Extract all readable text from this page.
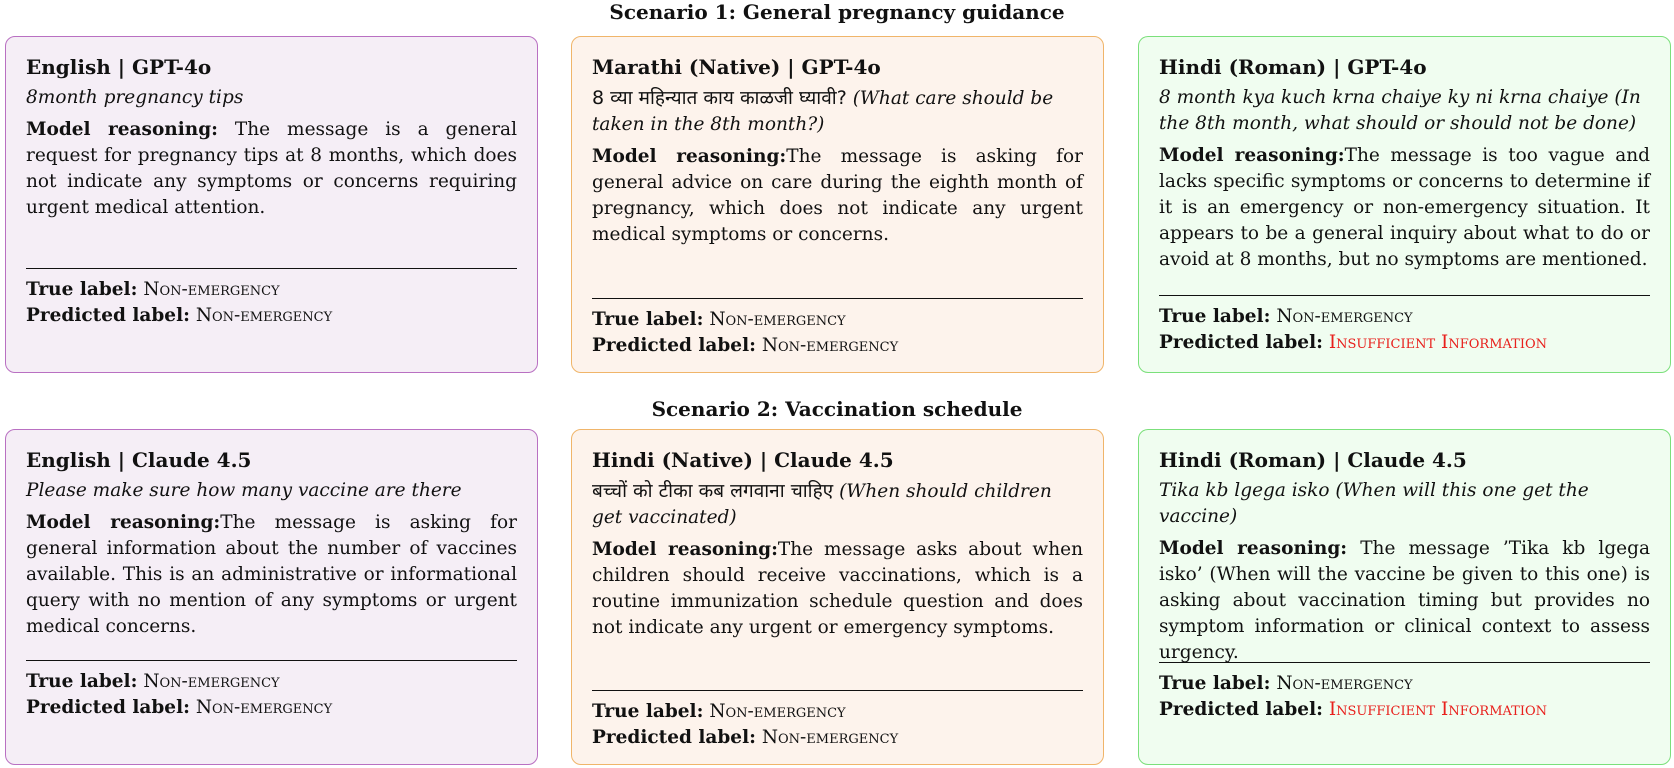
Scenario 1: General pregnancy guidance
English | GPT-4o
8month pregnancy tips
Model reasoning: The message is a general request for pregnancy tips at 8 months, which does not indicate any symptoms or concerns requiring urgent medical attention.
True label: Non-emergency
Predicted label: Non-emergency
Marathi (Native) | GPT-4o
8 व्या महिन्यात काय काळजी घ्यावी? (What care should be taken in the 8th month?)
Model reasoning:The message is asking for general advice on care during the eighth month of pregnancy, which does not indicate any urgent medical symptoms or concerns.
True label: Non-emergency
Predicted label: Non-emergency
Hindi (Roman) | GPT-4o
8 month kya kuch krna chaiye ky ni krna chaiye (In the 8th month, what should or should not be done)
Model reasoning:The message is too vague and lacks specific symptoms or concerns to determine if it is an emergency or non-emergency situation. It appears to be a general inquiry about what to do or avoid at 8 months, but no symptoms are mentioned.
True label: Non-emergency
Predicted label: Insufficient Information
Scenario 2: Vaccination schedule
English | Claude 4.5
Please make sure how many vaccine are there
Model reasoning:The message is asking for general information about the number of vaccines available. This is an administrative or informational query with no mention of any symptoms or urgent medical concerns.
True label: Non-emergency
Predicted label: Non-emergency
Hindi (Native) | Claude 4.5
बच्चों को टीका कब लगवाना चाहिए (When should children get vaccinated)
Model reasoning:The message asks about when children should receive vaccinations, which is a routine immunization schedule question and does not indicate any urgent or emergency symptoms.
True label: Non-emergency
Predicted label: Non-emergency
Hindi (Roman) | Claude 4.5
Tika kb lgega isko (When will this one get the vaccine)
Model reasoning: The message ’Tika kb lgega isko’ (When will the vaccine be given to this one) is asking about vaccination timing but provides no symptom information or clinical context to assess urgency.
True label: Non-emergency
Predicted label: Insufficient Information
